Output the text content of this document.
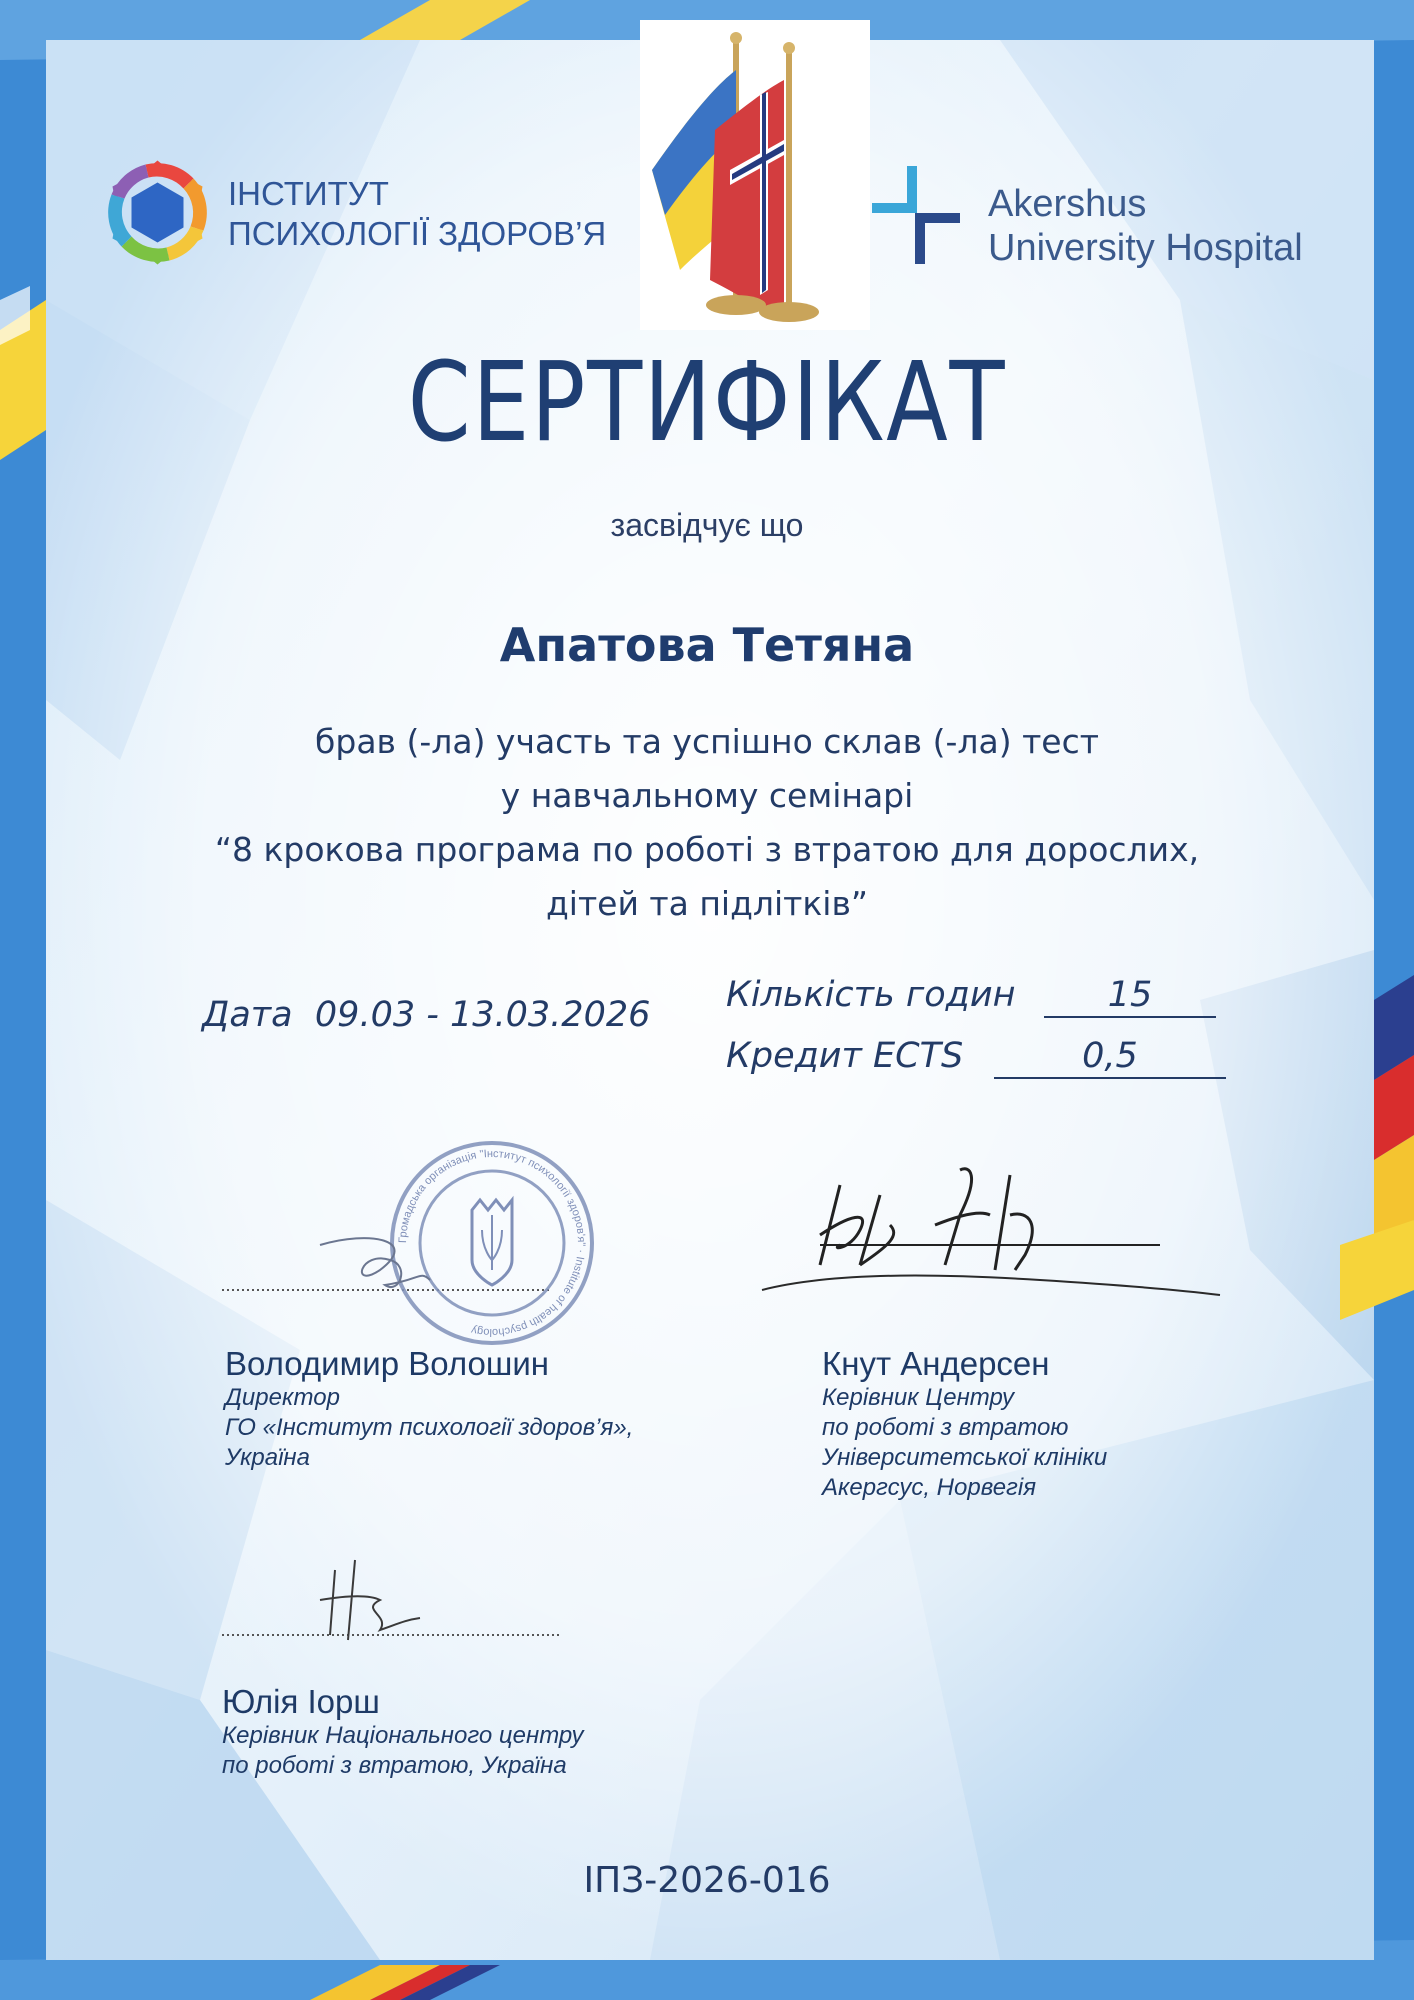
ІНСТИТУТ
ПСИХОЛОГІЇ ЗДОРОВ’Я
Akershus
University Hospital
СЕРТИФІКАТ
засвідчує що
Апатова Тетяна
брав (-ла) участь та успішно склав (-ла) тест
у навчальному семінарі
“8 крокова програма по роботі з втратою для дорослих,
дітей та підлітків”
Дата 09.03 - 13.03.2026 Кількість годин	15
Кредит ECTS	0,5
Громадська організація "Інститут психології здоров'я" · Institute of health psychology
Володимир Волошин
Директор
ГО «Інститут психології здоров’я»,
Україна
Кнут Андерсен
Керівник Центру
по роботі з втратою
Університетської клініки
Акергсус, Норвегія
Юлія Іорш
Керівник Національного центру
по роботі з втратою, Україна
ІПЗ-2026-016
